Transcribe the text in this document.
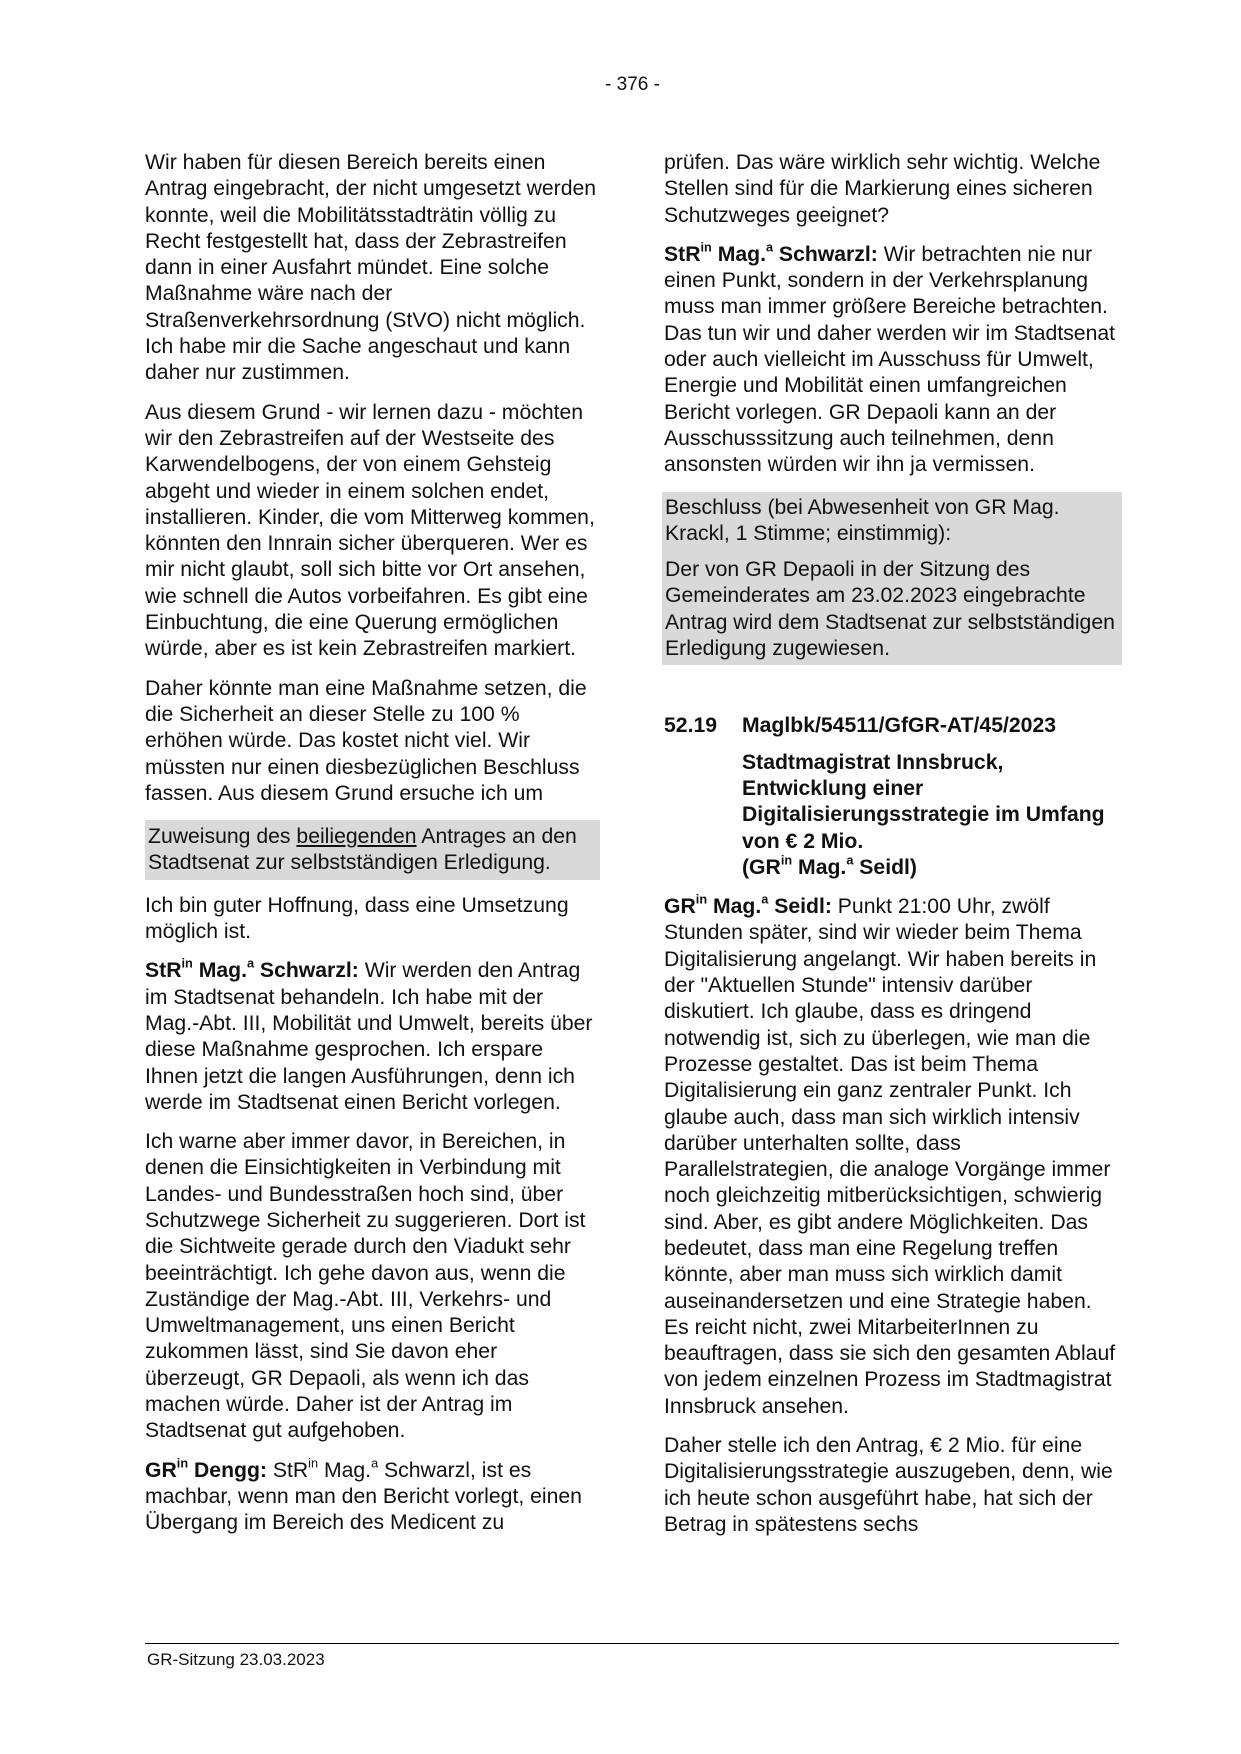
- 376 -

Wir haben für diesen Bereich bereits einen Antrag eingebracht, der nicht umgesetzt werden konnte, weil die Mobilitätsstadträtin völlig zu Recht festgestellt hat, dass der Zebrastreifen dann in einer Ausfahrt mündet. Eine solche Maßnahme wäre nach der Straßenverkehrsordnung (StVO) nicht möglich. Ich habe mir die Sache angeschaut und kann daher nur zustimmen.

Aus diesem Grund - wir lernen dazu - möchten wir den Zebrastreifen auf der Westseite des Karwendelbogens, der von einem Gehsteig abgeht und wieder in einem solchen endet, installieren. Kinder, die vom Mitterweg kommen, könnten den Innrain sicher überqueren. Wer es mir nicht glaubt, soll sich bitte vor Ort ansehen, wie schnell die Autos vorbeifahren. Es gibt eine Einbuchtung, die eine Querung ermöglichen würde, aber es ist kein Zebrastreifen markiert.

Daher könnte man eine Maßnahme setzen, die die Sicherheit an dieser Stelle zu 100 % erhöhen würde. Das kostet nicht viel. Wir müssten nur einen diesbezüglichen Beschluss fassen. Aus diesem Grund ersuche ich um

Zuweisung des beiliegenden Antrages an den Stadtsenat zur selbstständigen Erledigung.

Ich bin guter Hoffnung, dass eine Umsetzung möglich ist.

StR$^{in}$ Mag.$^a$ Schwarzl: Wir werden den Antrag im Stadtsenat behandeln. Ich habe mit der Mag.-Abt. III, Mobilität und Umwelt, bereits über diese Maßnahme gesprochen. Ich erspare Ihnen jetzt die langen Ausführungen, denn ich werde im Stadtsenat einen Bericht vorlegen.

Ich warne aber immer davor, in Bereichen, in denen die Einsichtigkeiten in Verbindung mit Landes- und Bundesstraßen hoch sind, über Schutzwege Sicherheit zu suggerieren. Dort ist die Sichtweite gerade durch den Viadukt sehr beeinträchtigt. Ich gehe davon aus, wenn die Zuständige der Mag.-Abt. III, Verkehrs- und Umweltmanagement, uns einen Bericht zukommen lässt, sind Sie davon eher überzeugt, GR Depaoli, als wenn ich das machen würde. Daher ist der Antrag im Stadtsenat gut aufgehoben.

$GR^{in}$ Dengg: StR$^{in}$ Mag.$^a$ Schwarzl, ist es machbar, wenn man den Bericht vorlegt, einen Übergang im Bereich des Medicent zu

prüfen. Das wäre wirklich sehr wichtig. Welche Stellen sind für die Markierung eines sicheren Schutzweges geeignet?

StR$^{in}$ Mag.$^a$ Schwarzl: Wir betrachten nie nur einen Punkt, sondern in der Verkehrsplanung muss man immer größere Bereiche betrachten. Das tun wir und daher werden wir im Stadtsenat oder auch vielleicht im Ausschuss für Umwelt, Energie und Mobilität einen umfangreichen Bericht vorlegen. GR Depaoli kann an der Ausschusssitzung auch teilnehmen, denn ansonsten würden wir ihn ja vermissen.

Beschluss (bei Abwesenheit von GR Mag. Krackl, 1 Stimme; einstimmig):

Der von GR Depaoli in der Sitzung des Gemeinderates am 23.02.2023 eingebrachte Antrag wird dem Stadtsenat zur selbstständigen Erledigung zugewiesen.

52.19	Maglbk/54511/GfGR-AT/45/2023
Stadtmagistrat Innsbruck, Entwicklung einer Digitalisierungsstrategie im Umfang von € 2 Mio.
($GR^{in}$ Mag.$^a$ Seidl)

$GR^{in}$ Mag.$^a$ Seidl: Punkt 21:00 Uhr, zwölf Stunden später, sind wir wieder beim Thema Digitalisierung angelangt. Wir haben bereits in der "Aktuellen Stunde" intensiv darüber diskutiert. Ich glaube, dass es dringend notwendig ist, sich zu überlegen, wie man die Prozesse gestaltet. Das ist beim Thema Digitalisierung ein ganz zentraler Punkt. Ich glaube auch, dass man sich wirklich intensiv darüber unterhalten sollte, dass Parallelstrategien, die analoge Vorgänge immer noch gleichzeitig mitberücksichtigen, schwierig sind. Aber, es gibt andere Möglichkeiten. Das bedeutet, dass man eine Regelung treffen könnte, aber man muss sich wirklich damit auseinandersetzen und eine Strategie haben. Es reicht nicht, zwei MitarbeiterInnen zu beauftragen, dass sie sich den gesamten Ablauf von jedem einzelnen Prozess im Stadtmagistrat Innsbruck ansehen.

Daher stelle ich den Antrag, € 2 Mio. für eine Digitalisierungsstrategie auszugeben, denn, wie ich heute schon ausgeführt habe, hat sich der Betrag in spätestens sechs

GR-Sitzung 23.03.2023
